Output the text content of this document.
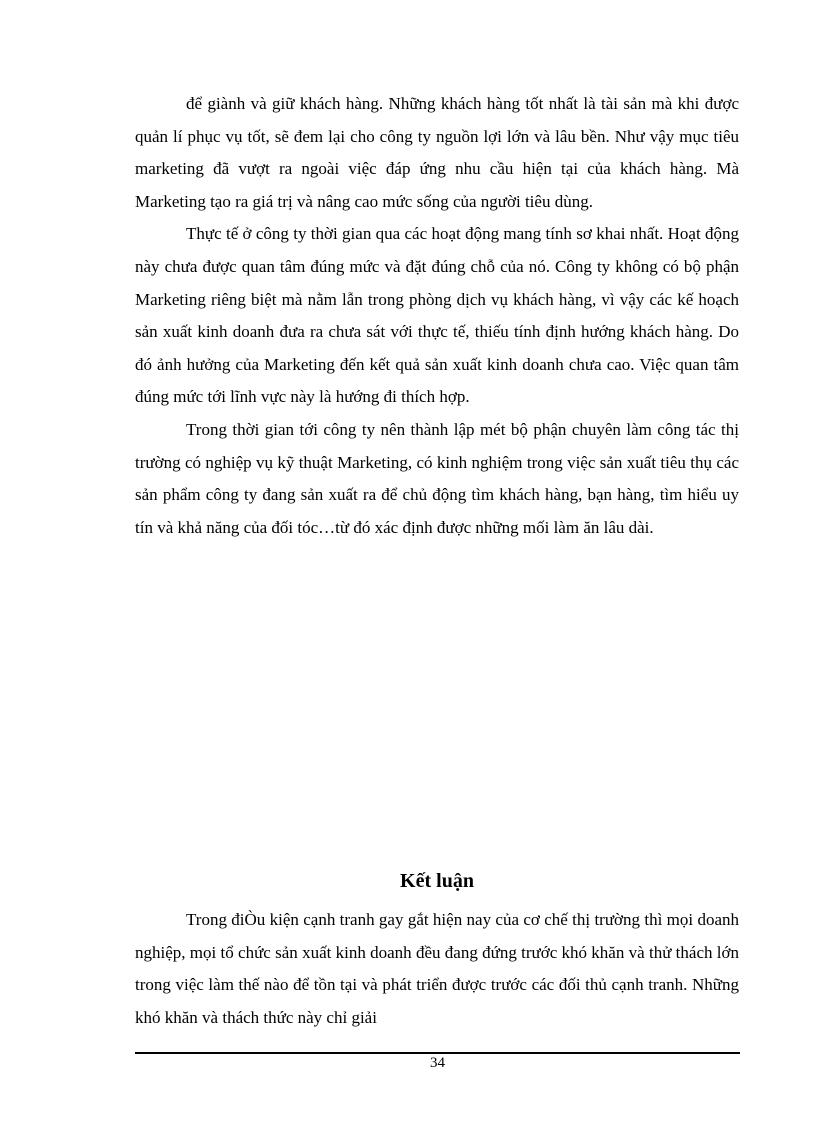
để giành và giữ khách hàng. Những khách hàng tốt nhất là tài sản mà khi được quản lí phục vụ tốt, sẽ đem lại cho công ty nguồn lợi lớn và lâu bền. Như vậy mục tiêu marketing đã vượt ra ngoài việc đáp ứng nhu cầu hiện tại của khách hàng. Mà Marketing tạo ra giá trị và nâng cao mức sống của người tiêu dùng.

Thực tế ở công ty thời gian qua các hoạt động mang tính sơ khai nhất. Hoạt động này chưa được quan tâm đúng mức và đặt đúng chỗ của nó. Công ty không có bộ phận Marketing riêng biệt mà nằm lẫn trong phòng dịch vụ khách hàng, vì vậy các kế hoạch sản xuất kinh doanh đưa ra chưa sát với thực tế, thiếu tính định hướng khách hàng. Do đó ảnh hưởng của Marketing đến kết quả sản xuất kinh doanh chưa cao. Việc quan tâm đúng mức tới lĩnh vực này là hướng đi thích hợp.

Trong thời gian tới công ty nên thành lập mét bộ phận chuyên làm công tác thị trường có nghiệp vụ kỹ thuật Marketing, có kinh nghiệm trong việc sản xuất tiêu thụ các sản phẩm công ty đang sản xuất ra để chủ động tìm khách hàng, bạn hàng, tìm hiểu uy tín và khả năng của đối tóc…từ đó xác định được những mối làm ăn lâu dài.

Kết luận

Trong điÒu kiện cạnh tranh gay gắt hiện nay của cơ chế thị trường thì mọi doanh nghiệp, mọi tổ chức sản xuất kinh doanh đều đang đứng trước khó khăn và thử thách lớn trong việc làm thế nào để tồn tại và phát triển được trước các đối thủ cạnh tranh. Những khó khăn và thách thức này chỉ giải

34
